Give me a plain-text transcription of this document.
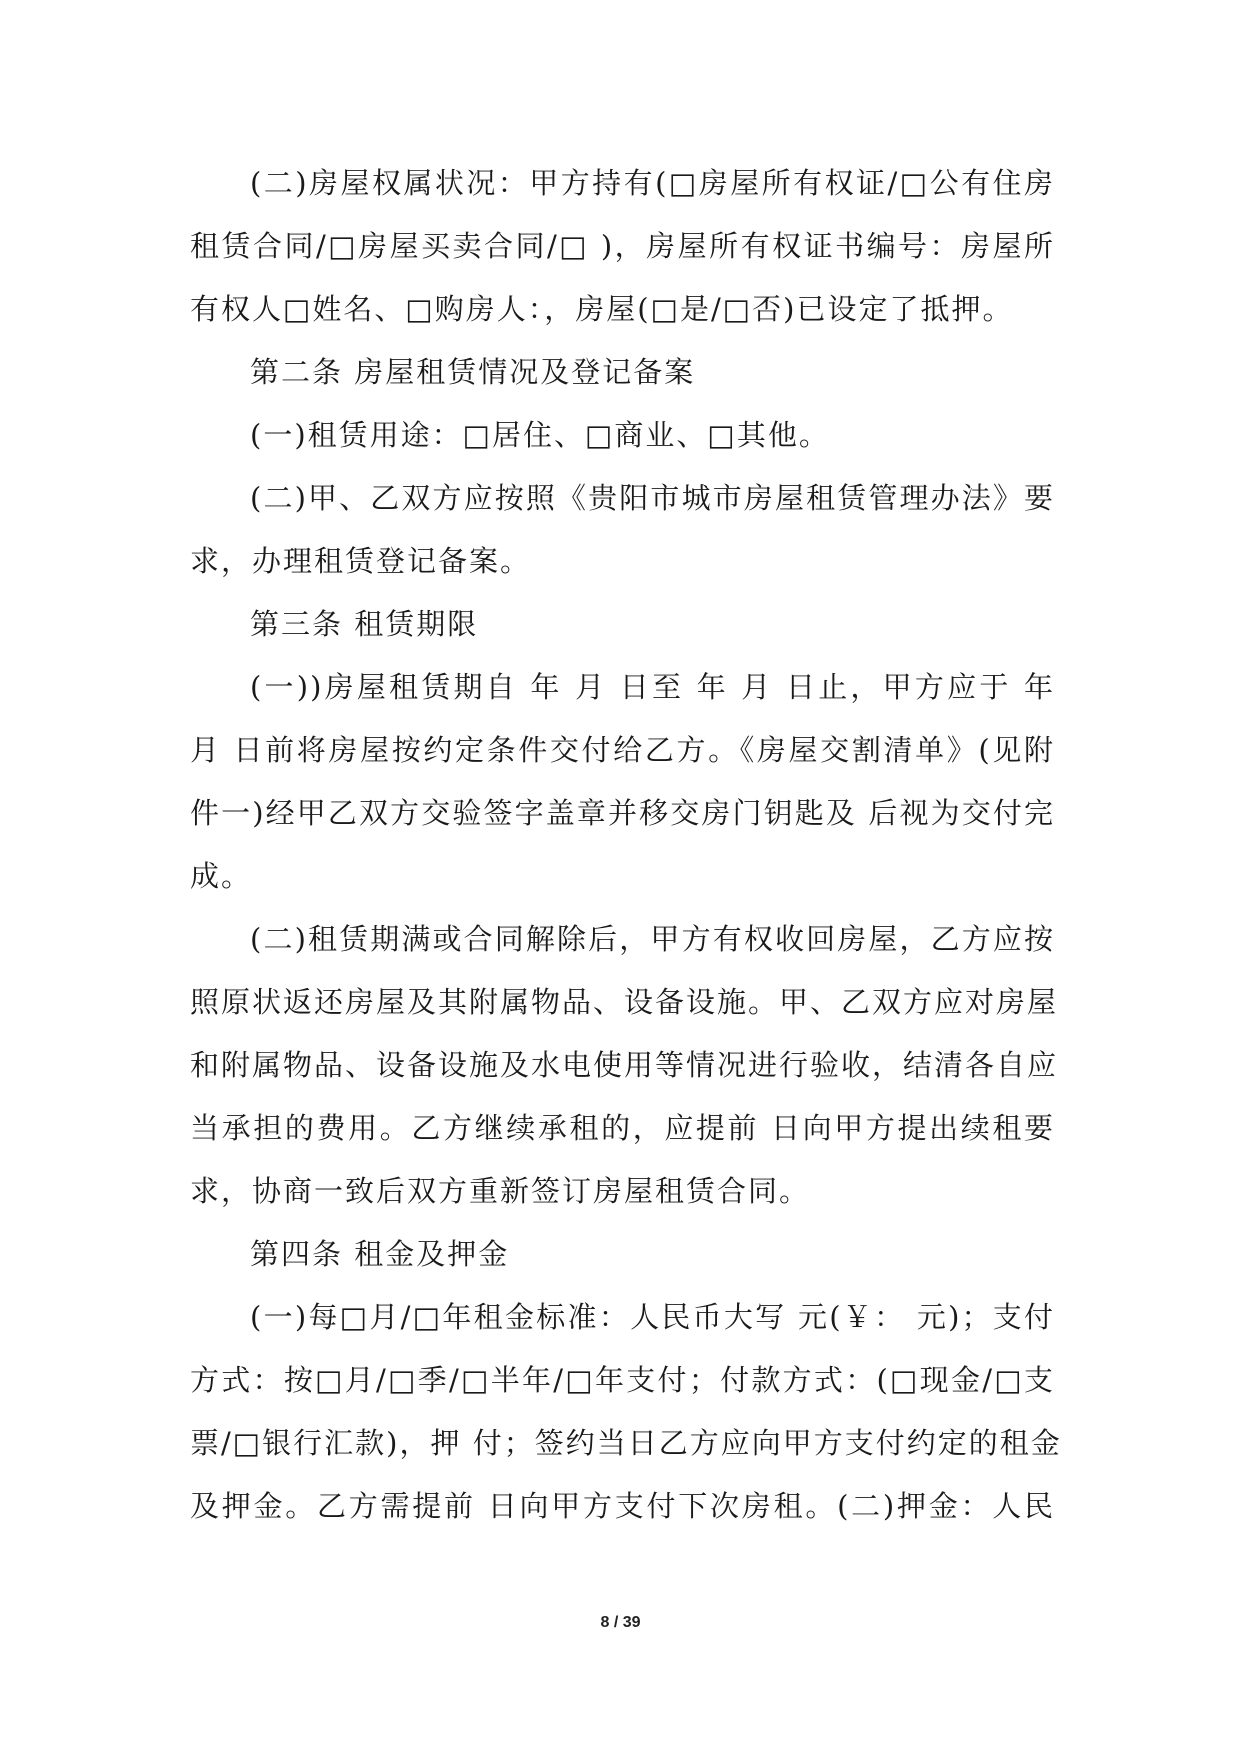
(二)房屋权属状况：甲方持有(□房屋所有权证/□公有住房
租赁合同/□房屋买卖合同/□ )，房屋所有权证书编号：房屋所
有权人□姓名、□购房人：，房屋(□是/□否)已设定了抵押。
第二条 房屋租赁情况及登记备案
(一)租赁用途：□居住、□商业、□其他。
(二)甲、乙双方应按照《贵阳市城市房屋租赁管理办法》要
求，办理租赁登记备案。
第三条 租赁期限
(一))房屋租赁期自 年 月 日至 年 月 日止，甲方应于 年
月 日前将房屋按约定条件交付给乙方。《房屋交割清单》(见附
件一)经甲乙双方交验签字盖章并移交房门钥匙及 后视为交付完
成。
(二)租赁期满或合同解除后，甲方有权收回房屋，乙方应按
照原状返还房屋及其附属物品、设备设施。甲、乙双方应对房屋
和附属物品、设备设施及水电使用等情况进行验收，结清各自应
当承担的费用。乙方继续承租的，应提前 日向甲方提出续租要
求，协商一致后双方重新签订房屋租赁合同。
第四条 租金及押金
(一)每□月/□年租金标准：人民币大写 元(￥： 元)；支付
方式：按□月/□季/□半年/□年支付；付款方式：(□现金/□支
票/□银行汇款)，押 付；签约当日乙方应向甲方支付约定的租金
及押金。乙方需提前 日向甲方支付下次房租。(二)押金：人民
8 / 39
